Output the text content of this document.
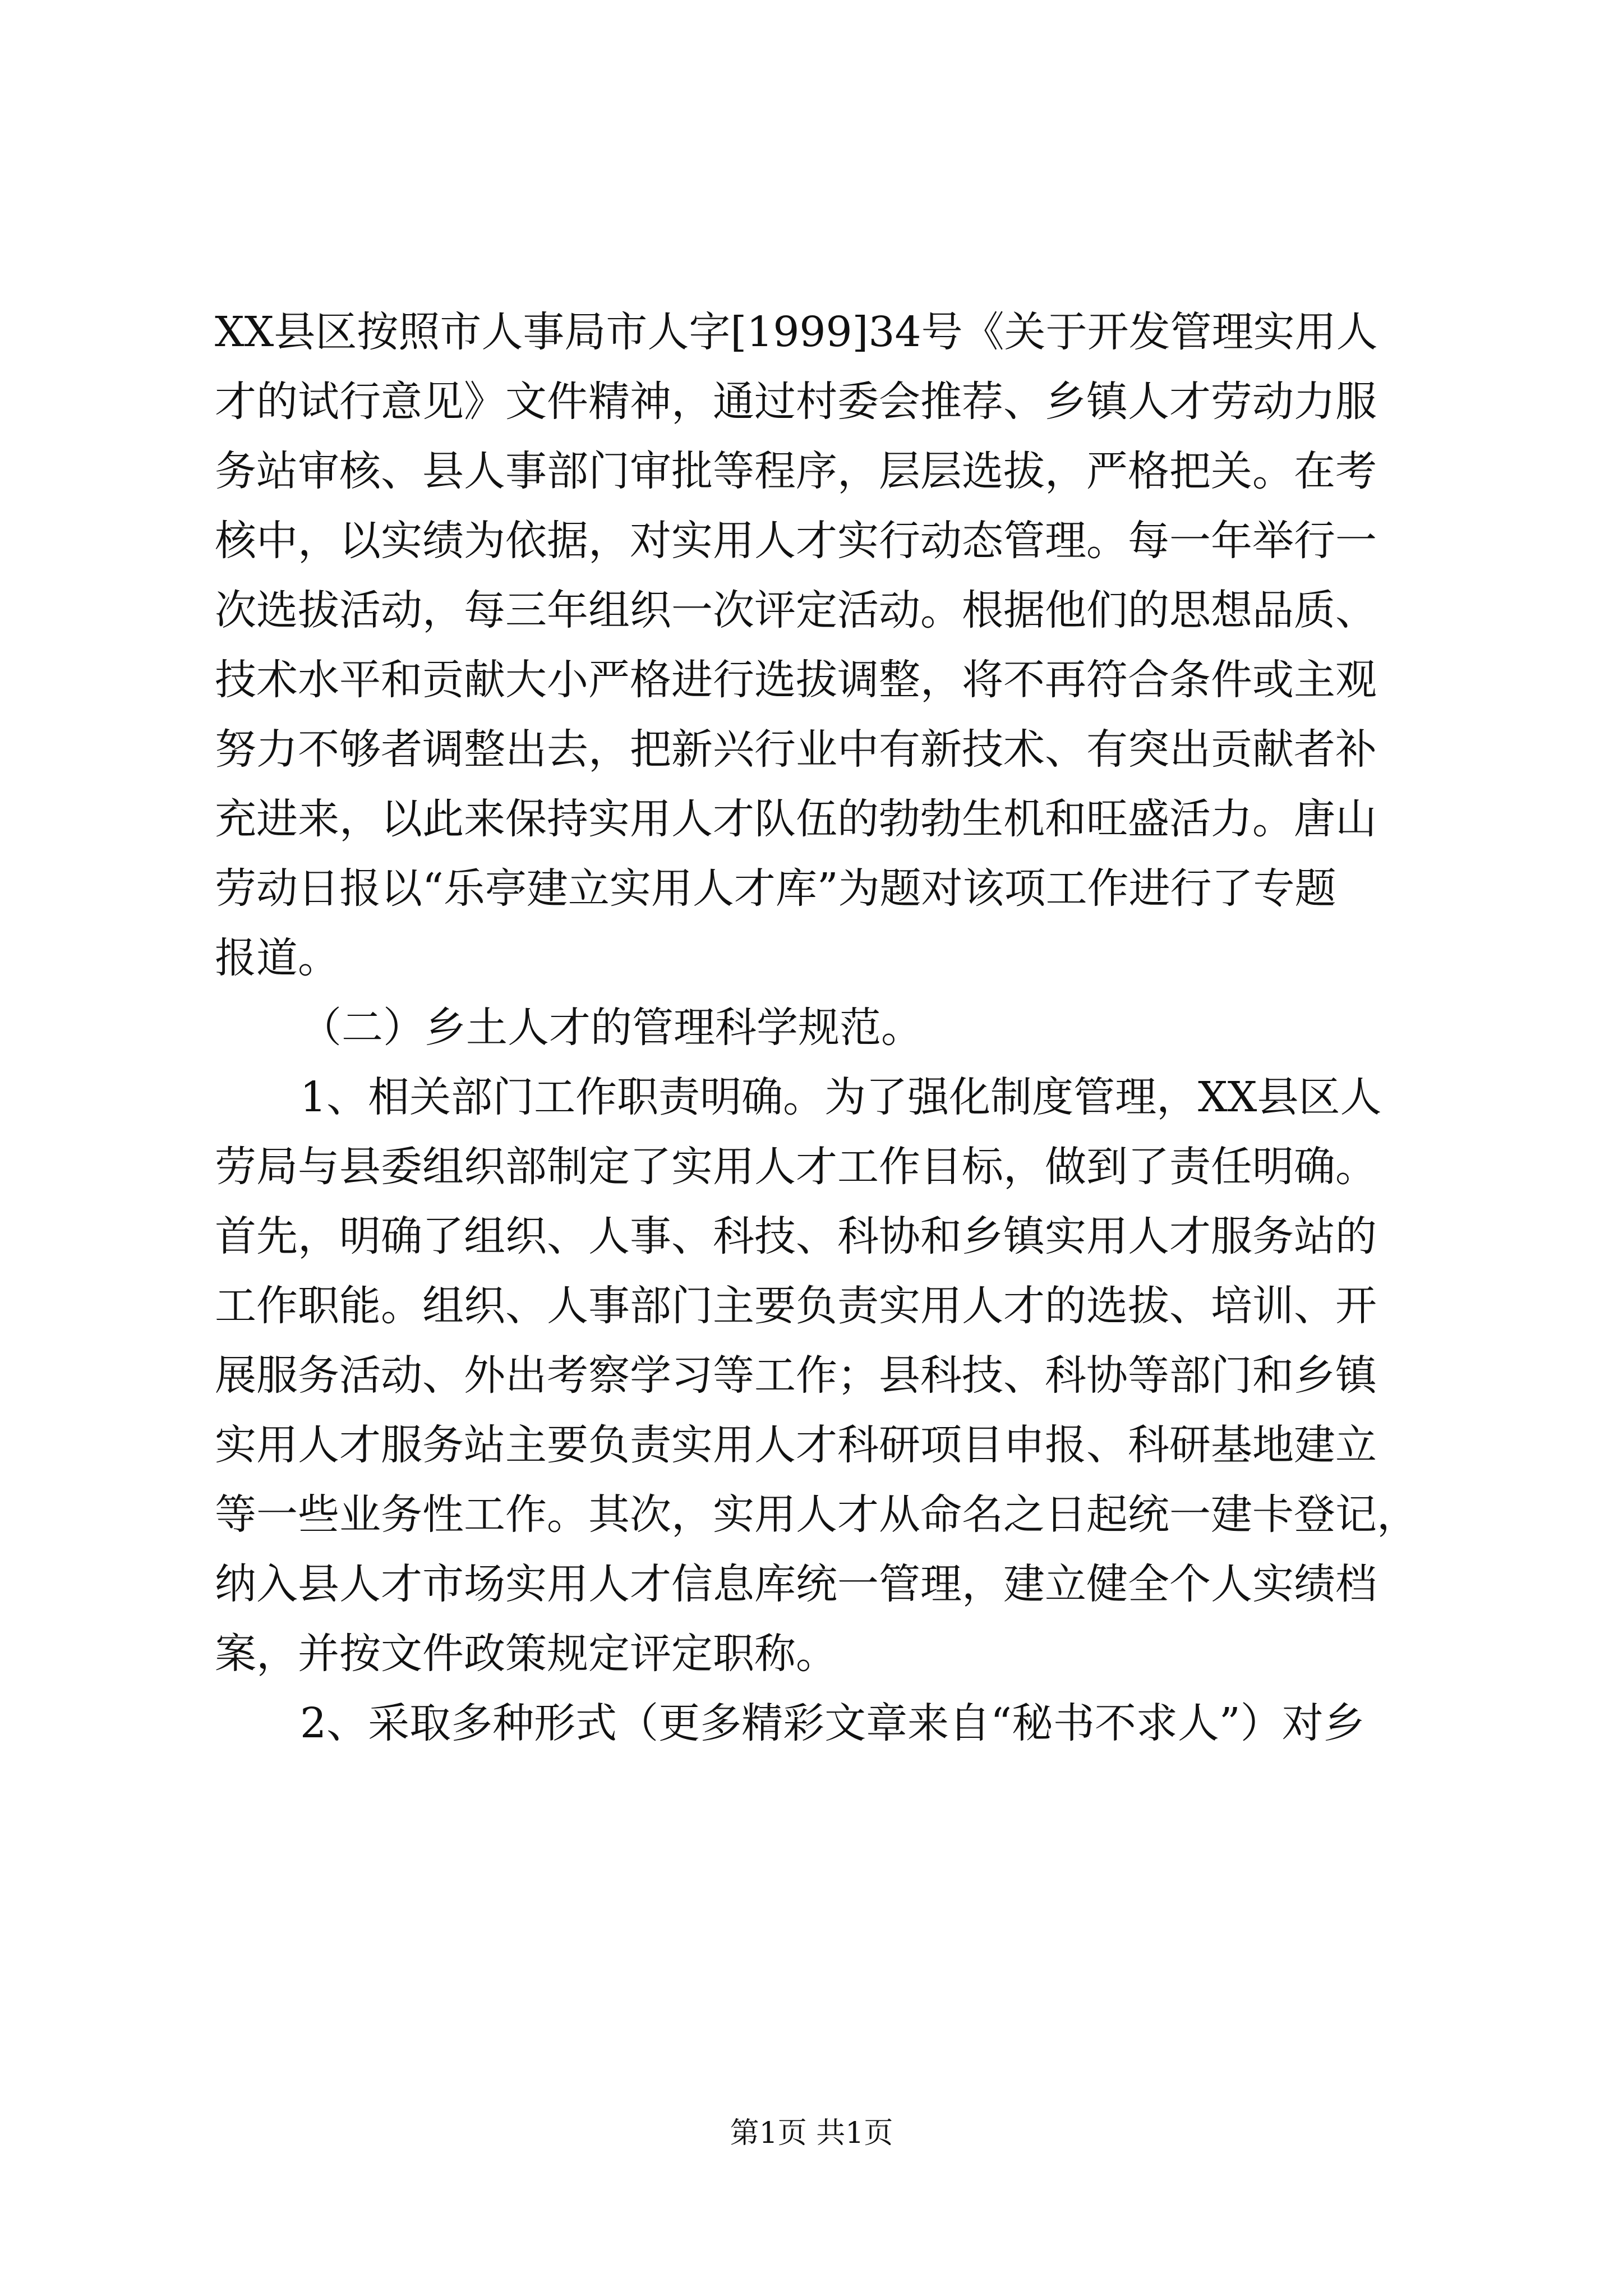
XX县区按照市人事局市人字[1999]34号《关于开发管理实用人
才的试行意见》文件精神，通过村委会推荐、乡镇人才劳动力服
务站审核、县人事部门审批等程序，层层选拔，严格把关。在考
核中，以实绩为依据，对实用人才实行动态管理。每一年举行一
次选拔活动，每三年组织一次评定活动。根据他们的思想品质、
技术水平和贡献大小严格进行选拔调整，将不再符合条件或主观
努力不够者调整出去，把新兴行业中有新技术、有突出贡献者补
充进来，以此来保持实用人才队伍的勃勃生机和旺盛活力。唐山
劳动日报以“乐亭建立实用人才库”为题对该项工作进行了专题
报道。
（二）乡土人才的管理科学规范。
1、相关部门工作职责明确。为了强化制度管理，XX县区人
劳局与县委组织部制定了实用人才工作目标，做到了责任明确。
首先，明确了组织、人事、科技、科协和乡镇实用人才服务站的
工作职能。组织、人事部门主要负责实用人才的选拔、培训、开
展服务活动、外出考察学习等工作；县科技、科协等部门和乡镇
实用人才服务站主要负责实用人才科研项目申报、科研基地建立
等一些业务性工作。其次，实用人才从命名之日起统一建卡登记，
纳入县人才市场实用人才信息库统一管理，建立健全个人实绩档
案，并按文件政策规定评定职称。
2、采取多种形式（更多精彩文章来自“秘书不求人”）对乡
第1页 共1页
